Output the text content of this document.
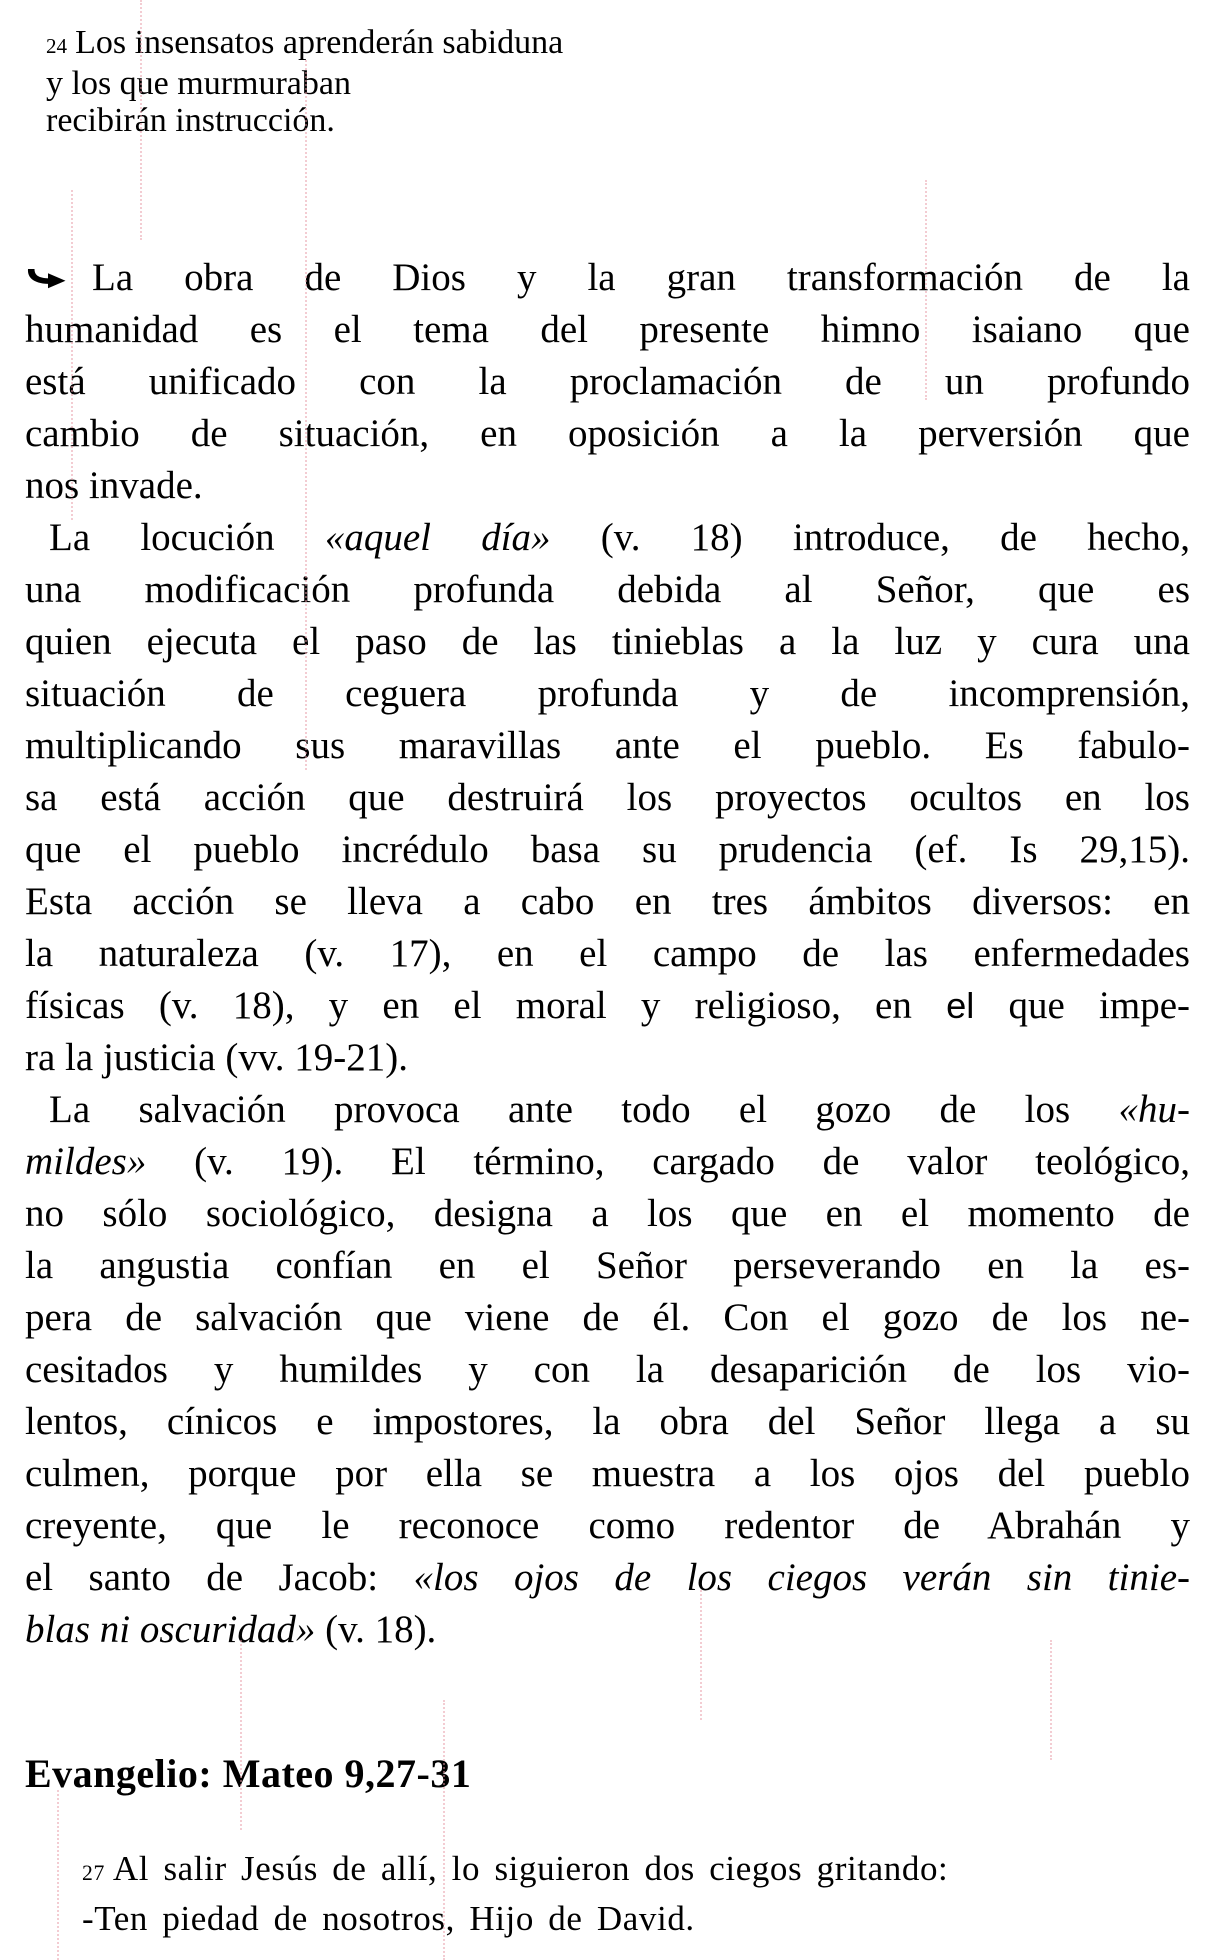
24 Los insensatos aprenderán sabiduna
y los que murmuraban
recibirán instrucción.
La obra de Dios y la gran transformación de la
humanidad es el tema del presente himno isaiano que
está unificado con la proclamación de un profundo
cambio de situación, en oposición a la perversión que
nos invade.
La locución «aquel día» (v. 18) introduce, de hecho,
una modificación profunda debida al Señor, que es
quien ejecuta el paso de las tinieblas a la luz y cura una
situación de ceguera profunda y de incomprensión,
multiplicando sus maravillas ante el pueblo. Es fabulo-
sa está acción que destruirá los proyectos ocultos en los
que el pueblo incrédulo basa su prudencia (ef. Is 29,15).
Esta acción se lleva a cabo en tres ámbitos diversos: en
la naturaleza (v. 17), en el campo de las enfermedades
físicas (v. 18), y en el moral y religioso, en el que impe-
ra la justicia (vv. 19-21).
La salvación provoca ante todo el gozo de los «hu-
mildes» (v. 19). El término, cargado de valor teológico,
no sólo sociológico, designa a los que en el momento de
la angustia confían en el Señor perseverando en la es-
pera de salvación que viene de él. Con el gozo de los ne-
cesitados y humildes y con la desaparición de los vio-
lentos, cínicos e impostores, la obra del Señor llega a su
culmen, porque por ella se muestra a los ojos del pueblo
creyente, que le reconoce como redentor de Abrahán y
el santo de Jacob: «los ojos de los ciegos verán sin tinie-
blas ni oscuridad» (v. 18).
Evangelio: Mateo 9,27-31
27 Al salir Jesús de allí, lo siguieron dos ciegos gritando:
-Ten piedad de nosotros, Hijo de David.
